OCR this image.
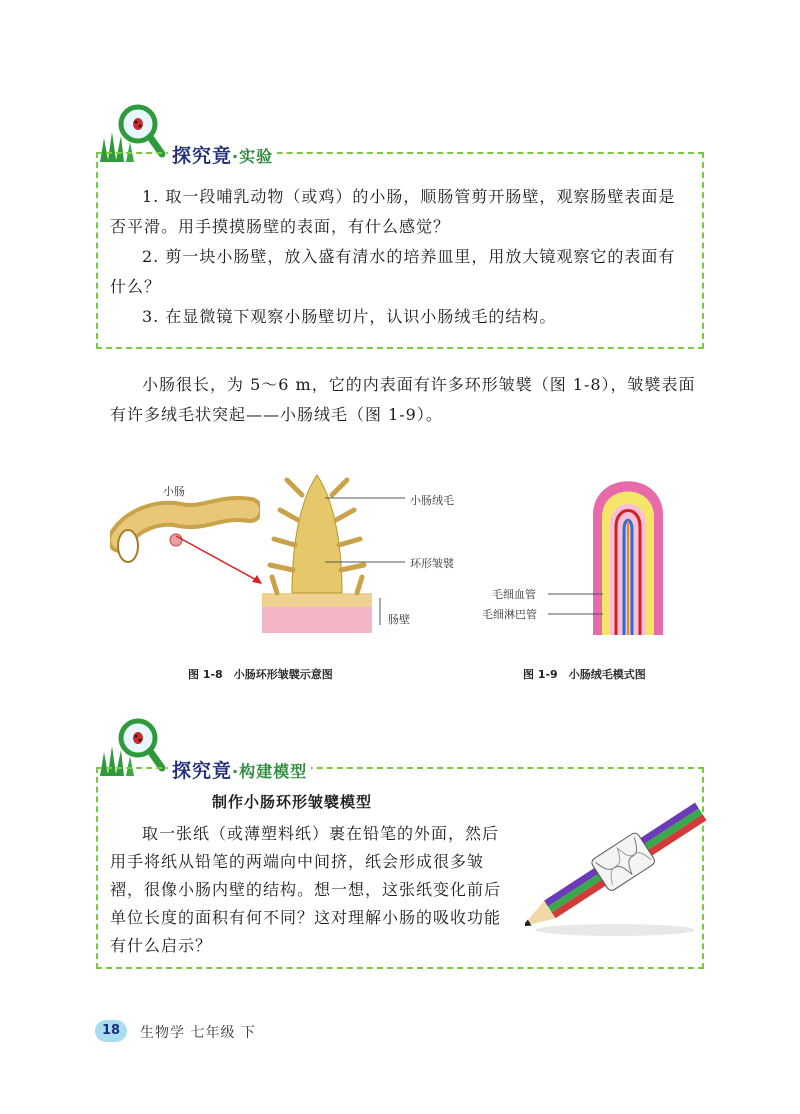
探究竟·实验
1. 取一段哺乳动物（或鸡）的小肠，顺肠管剪开肠壁，观察肠壁表面是否平滑。用手摸摸肠壁的表面，有什么感觉？
2. 剪一块小肠壁，放入盛有清水的培养皿里，用放大镜观察它的表面有什么？
3. 在显微镜下观察小肠壁切片，认识小肠绒毛的结构。
小肠很长，为 5～6 m，它的内表面有许多环形皱襞（图 1-8），皱襞表面有许多绒毛状突起——小肠绒毛（图 1-9）。
小肠
小肠绒毛
环形皱襞
肠壁
图 1-8　小肠环形皱襞示意图
毛细血管
毛细淋巴管
图 1-9　小肠绒毛模式图
探究竟·构建模型
制作小肠环形皱襞模型
取一张纸（或薄塑料纸）裹在铅笔的外面，然后用手将纸从铅笔的两端向中间挤，纸会形成很多皱褶，很像小肠内壁的结构。想一想，这张纸变化前后单位长度的面积有何不同？这对理解小肠的吸收功能有什么启示？
18	生物学 七年级 下
